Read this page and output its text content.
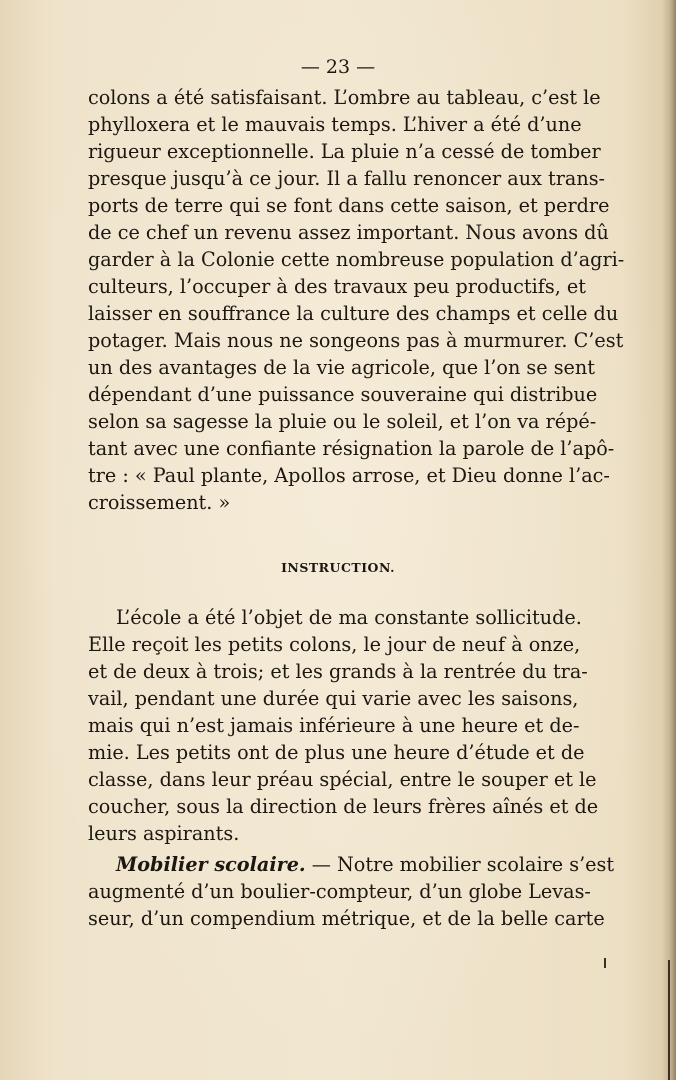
— 23 —
colons a été satisfaisant. L’ombre au tableau, c’est le
phylloxera et le mauvais temps. L’hiver a été d’une
rigueur exceptionnelle. La pluie n’a cessé de tomber
presque jusqu’à ce jour. Il a fallu renoncer aux trans-
ports de terre qui se font dans cette saison, et perdre
de ce chef un revenu assez important. Nous avons dû
garder à la Colonie cette nombreuse population d’agri-
culteurs, l’occuper à des travaux peu productifs, et
laisser en souffrance la culture des champs et celle du
potager. Mais nous ne songeons pas à murmurer. C’est
un des avantages de la vie agricole, que l’on se sent
dépendant d’une puissance souveraine qui distribue
selon sa sagesse la pluie ou le soleil, et l’on va répé-
tant avec une confiante résignation la parole de l’apô-
tre : « Paul plante, Apollos arrose, et Dieu donne l’ac-
croissement. »
INSTRUCTION.
L’école a été l’objet de ma constante sollicitude.
Elle reçoit les petits colons, le jour de neuf à onze,
et de deux à trois; et les grands à la rentrée du tra-
vail, pendant une durée qui varie avec les saisons,
mais qui n’est jamais inférieure à une heure et de-
mie. Les petits ont de plus une heure d’étude et de
classe, dans leur préau spécial, entre le souper et le
coucher, sous la direction de leurs frères aînés et de
leurs aspirants.
Mobilier scolaire. — Notre mobilier scolaire s’est
augmenté d’un boulier-compteur, d’un globe Levas-
seur, d’un compendium métrique, et de la belle carte
